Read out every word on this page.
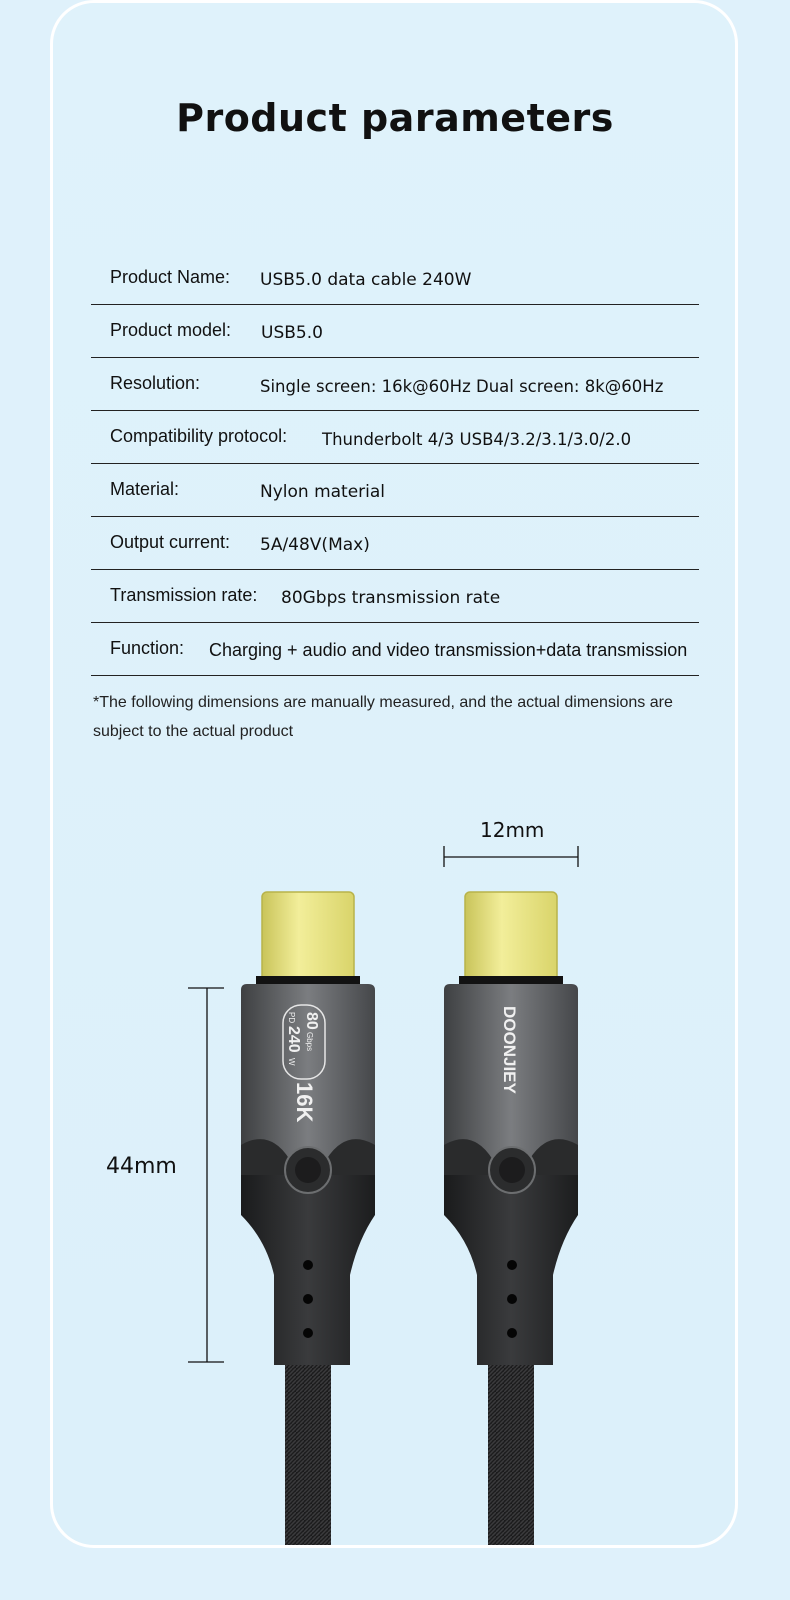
Product parameters
Product Name: USB5.0 data cable 240W
Product model: USB5.0
Resolution:	Single screen: 16k@60Hz Dual screen: 8k@60Hz
Compatibility protocol: Thunderbolt 4/3 USB4/3.2/3.1/3.0/2.0
Material:	Nylon material
Output current: 5A/48V(Max)
Transmission rate: 80Gbps transmission rate
Function: Charging + audio and video transmission+data transmission

*The following dimensions are manually measured, and the actual dimensions are subject to the actual product

12mm
44mm
80
Gbps
PD
240
W
16K
DOONJIEY
